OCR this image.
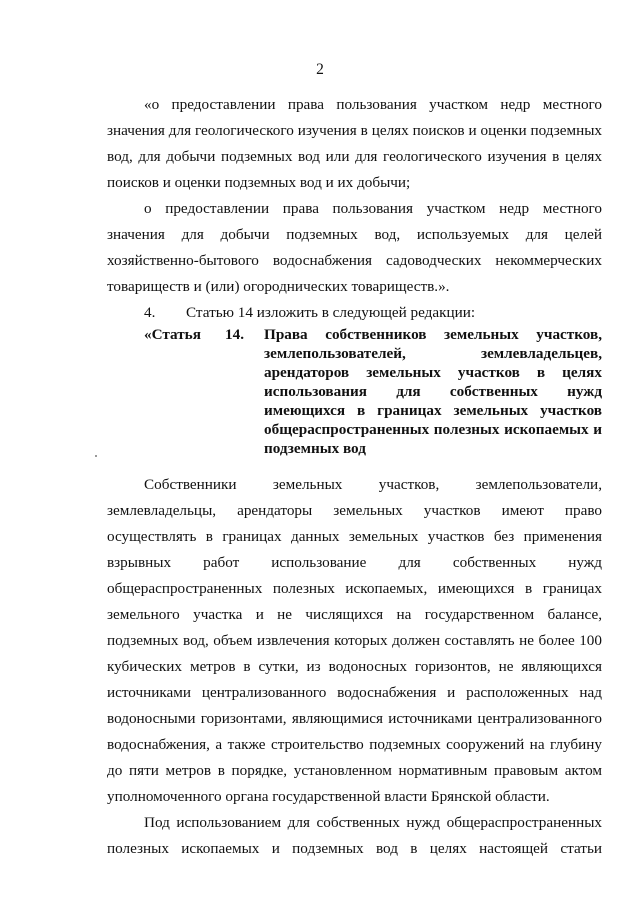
2

«о предоставлении права пользования участком недр местного значения для геологического изучения в целях поисков и оценки подземных вод, для добычи подземных вод или для геологического изучения в целях поисков и оценки подземных вод и их добычи;

о предоставлении права пользования участком недр местного значения для добычи подземных вод, используемых для целей хозяйственно-бытового водоснабжения садоводческих некоммерческих товариществ и (или) огороднических товариществ.».

4. Статью 14 изложить в следующей редакции:
«Статья 14. Права собственников земельных участков, землепользователей, землевладельцев, арендаторов земельных участков в целях использования для собственных нужд имеющихся в границах земельных участков общераспространенных полезных ископаемых и подземных вод

Собственники земельных участков, землепользователи, землевладельцы, арендаторы земельных участков имеют право осуществлять в границах данных земельных участков без применения взрывных работ использование для собственных нужд общераспространенных полезных ископаемых, имеющихся в границах земельного участка и не числящихся на государственном балансе, подземных вод, объем извлечения которых должен составлять не более 100 кубических метров в сутки, из водоносных горизонтов, не являющихся источниками централизованного водоснабжения и расположенных над водоносными горизонтами, являющимися источниками централизованного водоснабжения, а также строительство подземных сооружений на глубину до пяти метров в порядке, установленном нормативным правовым актом уполномоченного органа государственной власти Брянской области.

Под использованием для собственных нужд общераспространенных полезных ископаемых и подземных вод в целях настоящей статьи
